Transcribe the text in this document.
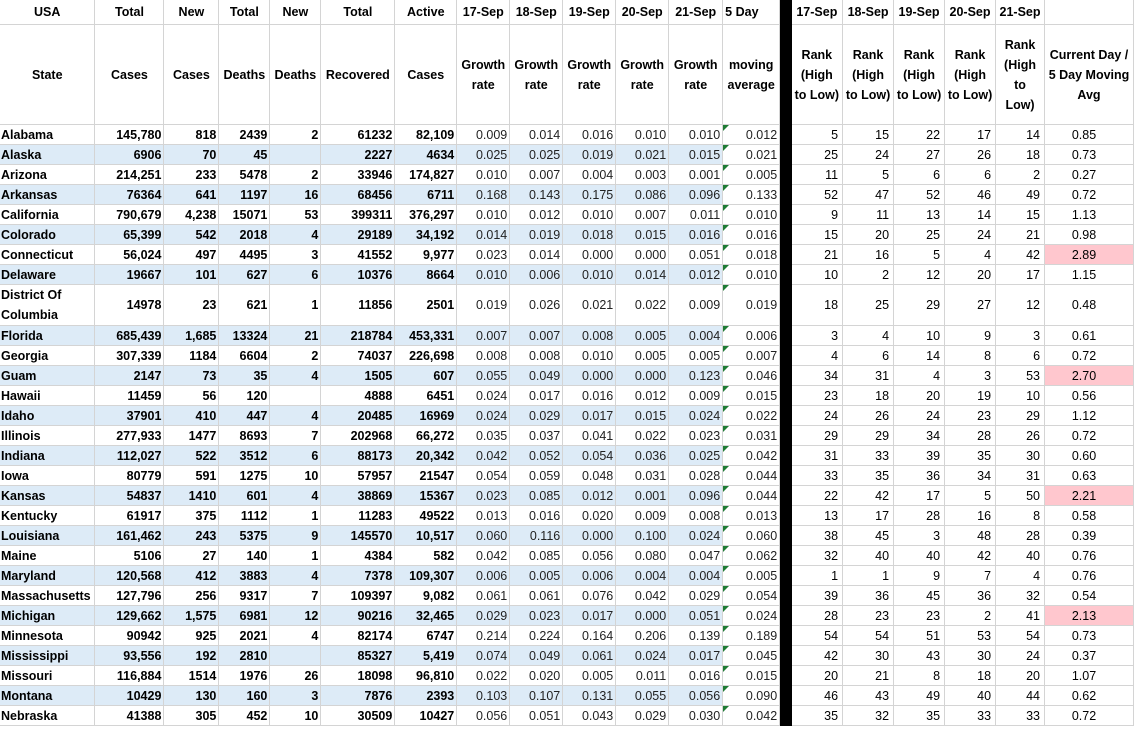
USA	Total	New	Total	New	Total	Active	17-Sep	18-Sep	19-Sep	20-Sep	21-Sep	5 Day		17-Sep	18-Sep	19-Sep	20-Sep	21-Sep	
State	Cases	Cases	Deaths	Deaths	Recovered	Cases	Growth rate	Growth rate	Growth rate	Growth rate	Growth rate	moving average		Rank (High to Low)	Rank (High to Low)	Rank (High to Low)	Rank (High to Low)	Rank (High to Low)	Current Day / 5 Day Moving Avg
Alabama	145,780	818	2439	2	61232	82,109	0.009	0.014	0.016	0.010	0.010	0.012		5	15	22	17	14	0.85
Alaska	6906	70	45		2227	4634	0.025	0.025	0.019	0.021	0.015	0.021		25	24	27	26	18	0.73
Arizona	214,251	233	5478	2	33946	174,827	0.010	0.007	0.004	0.003	0.001	0.005		11	5	6	6	2	0.27
Arkansas	76364	641	1197	16	68456	6711	0.168	0.143	0.175	0.086	0.096	0.133		52	47	52	46	49	0.72
California	790,679	4,238	15071	53	399311	376,297	0.010	0.012	0.010	0.007	0.011	0.010		9	11	13	14	15	1.13
Colorado	65,399	542	2018	4	29189	34,192	0.014	0.019	0.018	0.015	0.016	0.016		15	20	25	24	21	0.98
Connecticut	56,024	497	4495	3	41552	9,977	0.023	0.014	0.000	0.000	0.051	0.018		21	16	5	4	42	2.89
Delaware	19667	101	627	6	10376	8664	0.010	0.006	0.010	0.014	0.012	0.010		10	2	12	20	17	1.15
District Of Columbia	14978	23	621	1	11856	2501	0.019	0.026	0.021	0.022	0.009	0.019		18	25	29	27	12	0.48
Florida	685,439	1,685	13324	21	218784	453,331	0.007	0.007	0.008	0.005	0.004	0.006		3	4	10	9	3	0.61
Georgia	307,339	1184	6604	2	74037	226,698	0.008	0.008	0.010	0.005	0.005	0.007		4	6	14	8	6	0.72
Guam	2147	73	35	4	1505	607	0.055	0.049	0.000	0.000	0.123	0.046		34	31	4	3	53	2.70
Hawaii	11459	56	120		4888	6451	0.024	0.017	0.016	0.012	0.009	0.015		23	18	20	19	10	0.56
Idaho	37901	410	447	4	20485	16969	0.024	0.029	0.017	0.015	0.024	0.022		24	26	24	23	29	1.12
Illinois	277,933	1477	8693	7	202968	66,272	0.035	0.037	0.041	0.022	0.023	0.031		29	29	34	28	26	0.72
Indiana	112,027	522	3512	6	88173	20,342	0.042	0.052	0.054	0.036	0.025	0.042		31	33	39	35	30	0.60
Iowa	80779	591	1275	10	57957	21547	0.054	0.059	0.048	0.031	0.028	0.044		33	35	36	34	31	0.63
Kansas	54837	1410	601	4	38869	15367	0.023	0.085	0.012	0.001	0.096	0.044		22	42	17	5	50	2.21
Kentucky	61917	375	1112	1	11283	49522	0.013	0.016	0.020	0.009	0.008	0.013		13	17	28	16	8	0.58
Louisiana	161,462	243	5375	9	145570	10,517	0.060	0.116	0.000	0.100	0.024	0.060		38	45	3	48	28	0.39
Maine	5106	27	140	1	4384	582	0.042	0.085	0.056	0.080	0.047	0.062		32	40	40	42	40	0.76
Maryland	120,568	412	3883	4	7378	109,307	0.006	0.005	0.006	0.004	0.004	0.005		1	1	9	7	4	0.76
Massachusetts	127,796	256	9317	7	109397	9,082	0.061	0.061	0.076	0.042	0.029	0.054		39	36	45	36	32	0.54
Michigan	129,662	1,575	6981	12	90216	32,465	0.029	0.023	0.017	0.000	0.051	0.024		28	23	23	2	41	2.13
Minnesota	90942	925	2021	4	82174	6747	0.214	0.224	0.164	0.206	0.139	0.189		54	54	51	53	54	0.73
Mississippi	93,556	192	2810		85327	5,419	0.074	0.049	0.061	0.024	0.017	0.045		42	30	43	30	24	0.37
Missouri	116,884	1514	1976	26	18098	96,810	0.022	0.020	0.005	0.011	0.016	0.015		20	21	8	18	20	1.07
Montana	10429	130	160	3	7876	2393	0.103	0.107	0.131	0.055	0.056	0.090		46	43	49	40	44	0.62
Nebraska	41388	305	452	10	30509	10427	0.056	0.051	0.043	0.029	0.030	0.042		35	32	35	33	33	0.72
